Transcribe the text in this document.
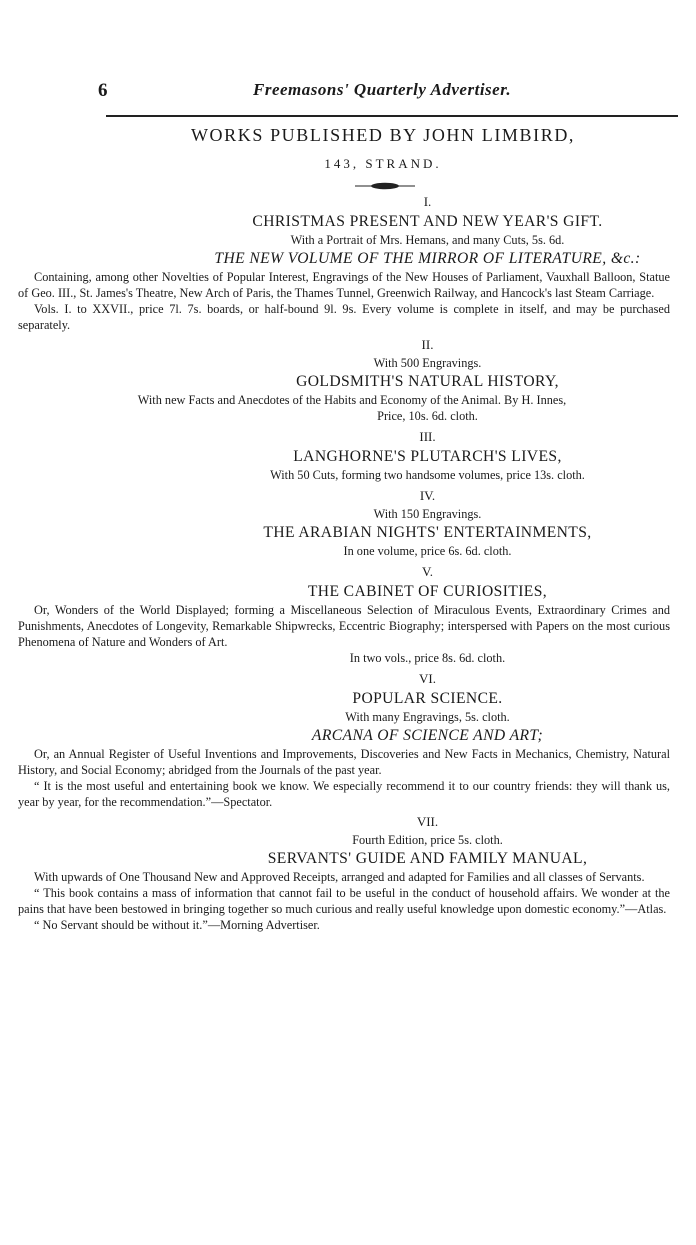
6	Freemasons' Quarterly Advertiser.
WORKS PUBLISHED BY JOHN LIMBIRD,
143, STRAND.
I.
CHRISTMAS PRESENT AND NEW YEAR'S GIFT.
With a Portrait of Mrs. Hemans, and many Cuts, 5s. 6d.
THE NEW VOLUME OF THE MIRROR OF LITERATURE, &c.:
Containing, among other Novelties of Popular Interest, Engravings of the New Houses of Parliament, Vauxhall Balloon, Statue of Geo. III., St. James's Theatre, New Arch of Paris, the Thames Tunnel, Greenwich Railway, and Hancock's last Steam Carriage.
Vols. I. to XXVII., price 7l. 7s. boards, or half-bound 9l. 9s. Every volume is complete in itself, and may be purchased separately.
II.
With 500 Engravings.
GOLDSMITH'S NATURAL HISTORY,
With new Facts and Anecdotes of the Habits and Economy of the Animal. By H. Innes,
Price, 10s. 6d. cloth.
III.
LANGHORNE'S PLUTARCH'S LIVES,
With 50 Cuts, forming two handsome volumes, price 13s. cloth.
IV.
With 150 Engravings.
THE ARABIAN NIGHTS' ENTERTAINMENTS,
In one volume, price 6s. 6d. cloth.
V.
THE CABINET OF CURIOSITIES,
Or, Wonders of the World Displayed; forming a Miscellaneous Selection of Miraculous Events, Extraordinary Crimes and Punishments, Anecdotes of Longevity, Remarkable Shipwrecks, Eccentric Biography; interspersed with Papers on the most curious Phenomena of Nature and Wonders of Art.
In two vols., price 8s. 6d. cloth.
VI.
POPULAR SCIENCE.
With many Engravings, 5s. cloth.
ARCANA OF SCIENCE AND ART;
Or, an Annual Register of Useful Inventions and Improvements, Discoveries and New Facts in Mechanics, Chemistry, Natural History, and Social Economy; abridged from the Journals of the past year.
“ It is the most useful and entertaining book we know. We especially recommend it to our country friends: they will thank us, year by year, for the recommendation.”—Spectator.
VII.
Fourth Edition, price 5s. cloth.
SERVANTS' GUIDE AND FAMILY MANUAL,
With upwards of One Thousand New and Approved Receipts, arranged and adapted for Families and all classes of Servants.
“ This book contains a mass of information that cannot fail to be useful in the conduct of household affairs. We wonder at the pains that have been bestowed in bringing together so much curious and really useful knowledge upon domestic economy.”—Atlas.
“ No Servant should be without it.”—Morning Advertiser.
